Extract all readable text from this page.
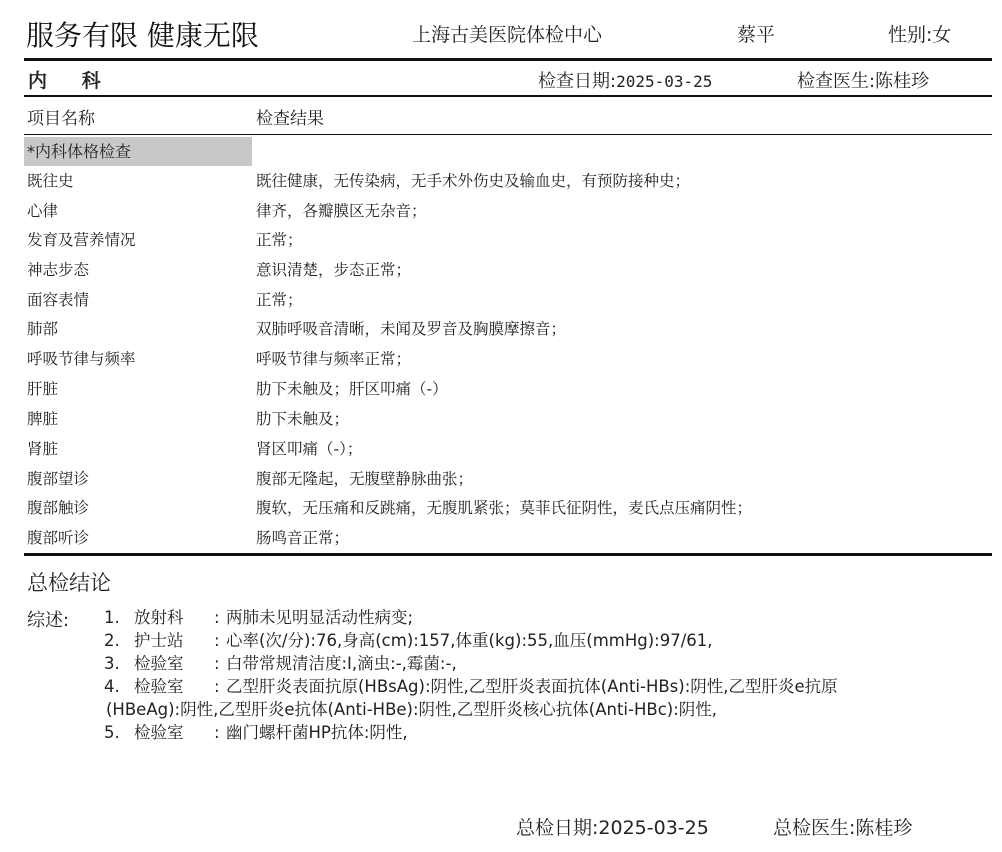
服务有限 健康无限	上海古美医院体检中心	蔡平	性别:女
内 科	检查日期:2025-03-25	检查医生:陈桂珍
项目名称	检查结果
*内科体格检查
既往史	既往健康，无传染病，无手术外伤史及输血史，有预防接种史；
心律	律齐，各瓣膜区无杂音；
发育及营养情况	正常；
神志步态	意识清楚，步态正常；
面容表情	正常；
肺部	双肺呼吸音清晰，未闻及罗音及胸膜摩擦音；
呼吸节律与频率	呼吸节律与频率正常；
肝脏	肋下未触及；肝区叩痛（-）
脾脏	肋下未触及；
肾脏	肾区叩痛（-）；
腹部望诊	腹部无隆起，无腹壁静脉曲张；
腹部触诊	腹软，无压痛和反跳痛，无腹肌紧张；莫菲氏征阴性，麦氏点压痛阴性；
腹部听诊	肠鸣音正常；
总检结论
综述: 1. 放射科 : 两肺未见明显活动性病变;
2. 护士站 : 心率(次/分):76,身高(cm):157,体重(kg):55,血压(mmHg):97/61,
3. 检验室 : 白带常规清洁度:I,滴虫:-,霉菌:-,
4. 检验室 : 乙型肝炎表面抗原(HBsAg):阴性,乙型肝炎表面抗体(Anti-HBs):阴性,乙型肝炎e抗原
(HBeAg):阴性,乙型肝炎e抗体(Anti-HBe):阴性,乙型肝炎核心抗体(Anti-HBc):阴性,
5. 检验室 : 幽门螺杆菌HP抗体:阴性,
总检日期:2025-03-25	总检医生:陈桂珍
